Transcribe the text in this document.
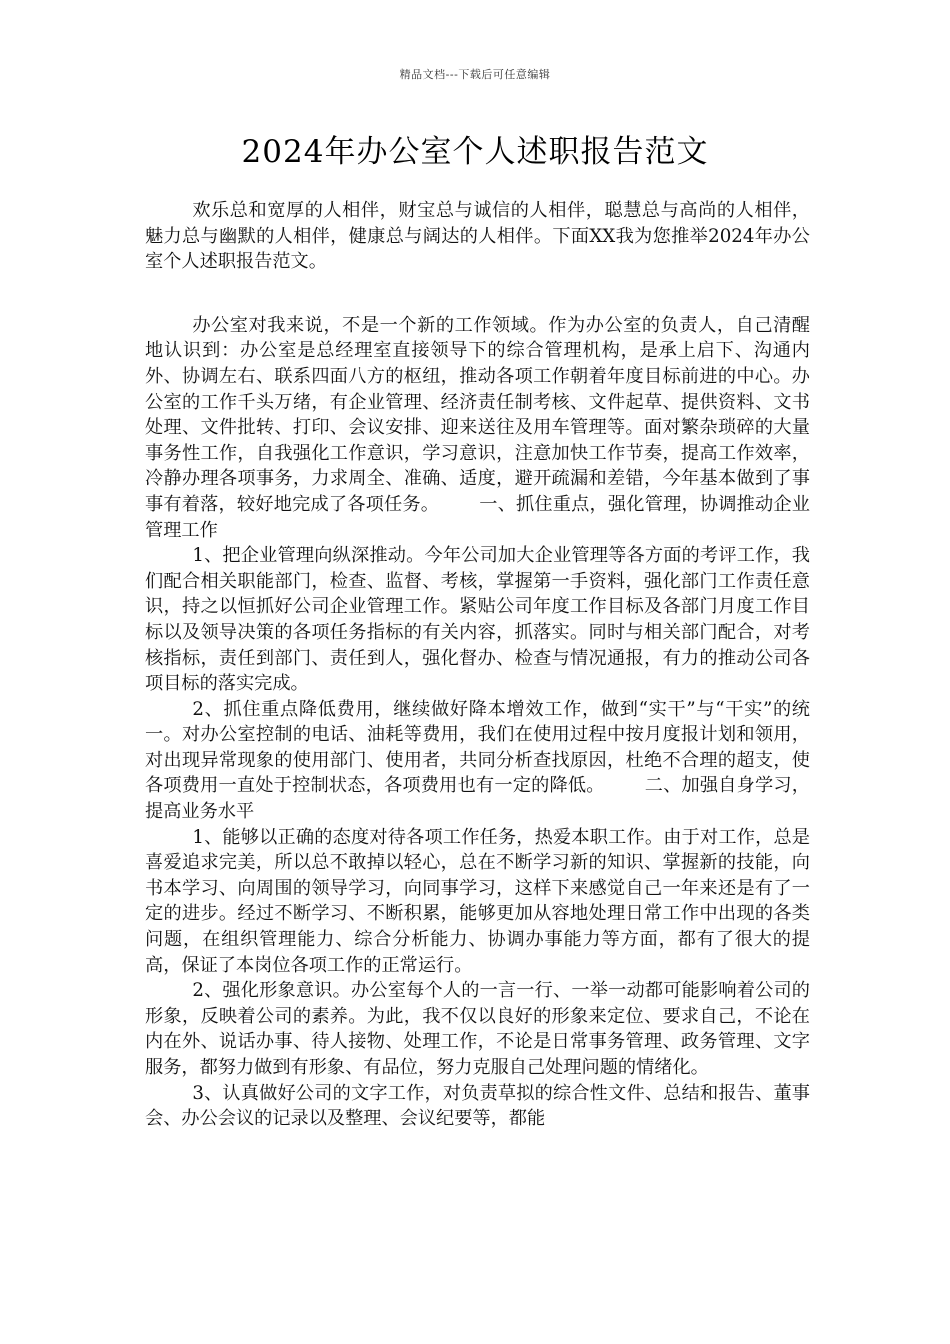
精品文档---下载后可任意编辑
2024年办公室个人述职报告范文

欢乐总和宽厚的人相伴，财宝总与诚信的人相伴，聪慧总与高尚的人相伴，魅力总与幽默的人相伴，健康总与阔达的人相伴。下面XX我为您推举2024年办公室个人述职报告范文。

办公室对我来说，不是一个新的工作领域。作为办公室的负责人，自己清醒地认识到：办公室是总经理室直接领导下的综合管理机构，是承上启下、沟通内外、协调左右、联系四面八方的枢纽，推动各项工作朝着年度目标前进的中心。办公室的工作千头万绪，有企业管理、经济责任制考核、文件起草、提供资料、文书处理、文件批转、打印、会议安排、迎来送往及用车管理等。面对繁杂琐碎的大量事务性工作，自我强化工作意识，学习意识，注意加快工作节奏，提高工作效率，冷静办理各项事务，力求周全、准确、适度，避开疏漏和差错，今年基本做到了事事有着落，较好地完成了各项任务。 一、抓住重点，强化管理，协调推动企业管理工作

1、把企业管理向纵深推动。今年公司加大企业管理等各方面的考评工作，我们配合相关职能部门，检查、监督、考核，掌握第一手资料，强化部门工作责任意识，持之以恒抓好公司企业管理工作。紧贴公司年度工作目标及各部门月度工作目标以及领导决策的各项任务指标的有关内容，抓落实。同时与相关部门配合，对考核指标，责任到部门、责任到人，强化督办、检查与情况通报，有力的推动公司各项目标的落实完成。

2、抓住重点降低费用，继续做好降本增效工作，做到“实干”与“干实”的统一。对办公室控制的电话、油耗等费用，我们在使用过程中按月度报计划和领用，对出现异常现象的使用部门、使用者，共同分析查找原因，杜绝不合理的超支，使各项费用一直处于控制状态，各项费用也有一定的降低。 二、加强自身学习，提高业务水平

1、能够以正确的态度对待各项工作任务，热爱本职工作。由于对工作，总是喜爱追求完美，所以总不敢掉以轻心，总在不断学习新的知识、掌握新的技能，向书本学习、向周围的领导学习，向同事学习，这样下来感觉自己一年来还是有了一定的进步。经过不断学习、不断积累，能够更加从容地处理日常工作中出现的各类问题，在组织管理能力、综合分析能力、协调办事能力等方面，都有了很大的提高，保证了本岗位各项工作的正常运行。

2、强化形象意识。办公室每个人的一言一行、一举一动都可能影响着公司的形象，反映着公司的素养。为此，我不仅以良好的形象来定位、要求自己，不论在内在外、说话办事、待人接物、处理工作，不论是日常事务管理、政务管理、文字服务，都努力做到有形象、有品位，努力克服自己处理问题的情绪化。

3、认真做好公司的文字工作，对负责草拟的综合性文件、总结和报告、董事会、办公会议的记录以及整理、会议纪要等，都能
